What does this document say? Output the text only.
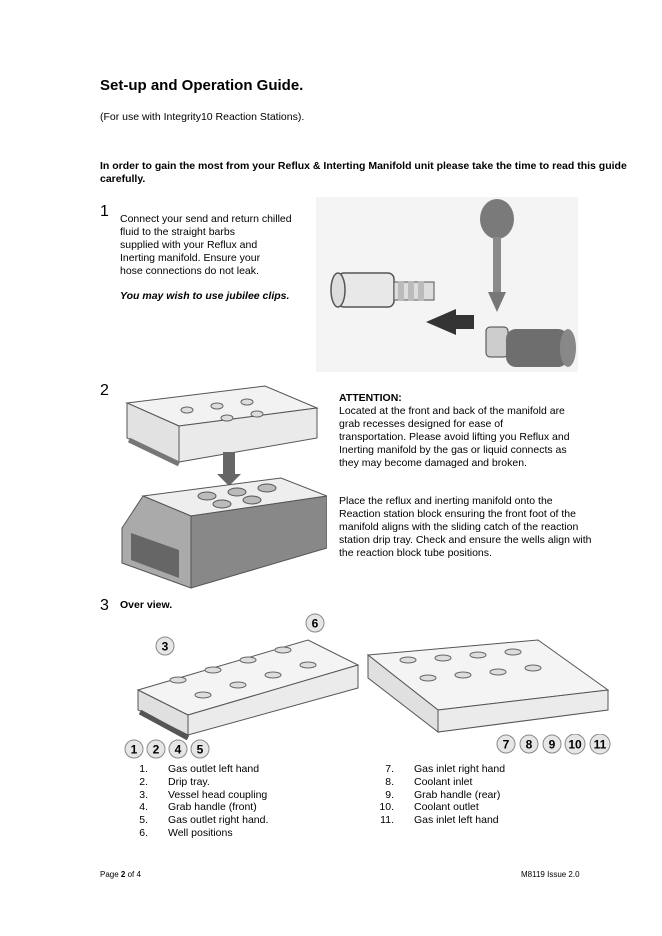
Set-up and Operation Guide.
(For use with Integrity10 Reaction Stations).
In order to gain the most from your Reflux & Interting Manifold unit please take the time to read this guide carefully.
1 Connect your send and return chilled
fluid to the straight barbs
supplied with your Reflux and
Inerting manifold. Ensure your
hose connections do not leak.
You may wish to use jubilee clips.
2	ATTENTION:
Located at the front and back of the manifold are
grab recesses designed for ease of
transportation. Please avoid lifting you Reflux and
Inerting manifold by the gas or liquid connects as
they may become damaged and broken.
Place the reflux and inerting manifold onto the
Reaction station block ensuring the front foot of the
manifold aligns with the sliding catch of the reaction
station drip tray. Check and ensure the wells align with
the reaction block tube positions.
3 Over view.
1 2 4 5
3
6
7 8 9 10 11
1.	Gas outlet left hand
2.	Drip tray.
3.	Vessel head coupling
4.	Grab handle (front)
5.	Gas outlet right hand.
6.	Well positions
7.	Gas inlet right hand
8.	Coolant inlet
9.	Grab handle (rear)
10.	Coolant outlet
11.	Gas inlet left hand
Page 2 of 4	M8119 Issue 2.0
